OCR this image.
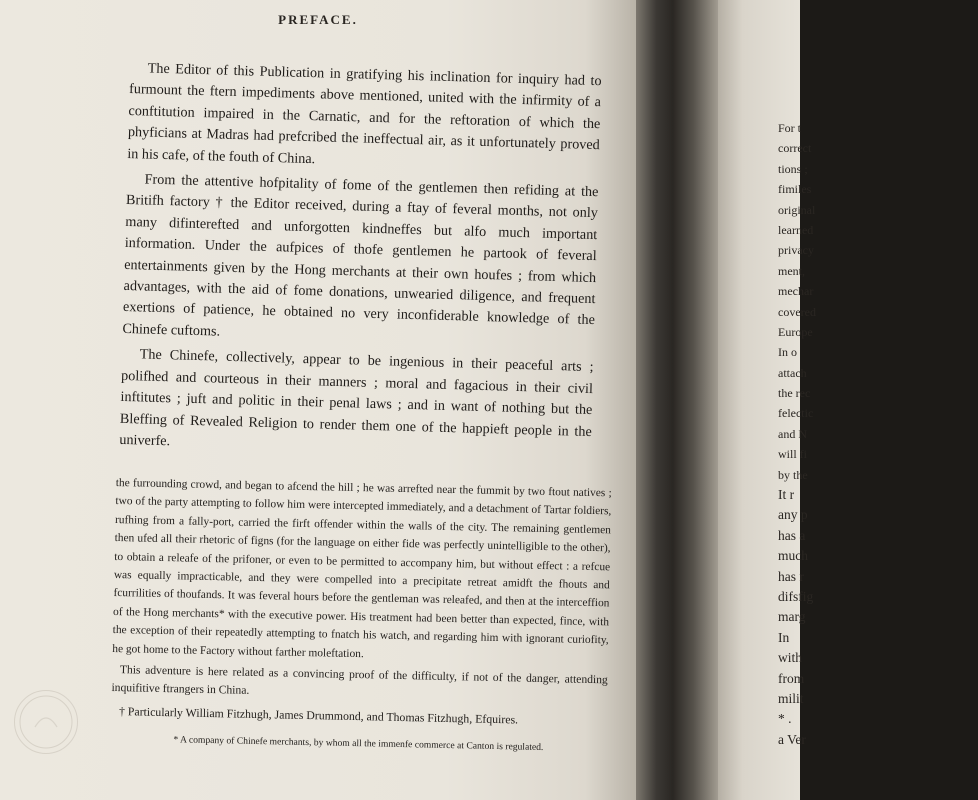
PREFACE.

The Editor of this Publication in gratifying his inclination for inquiry had to furmount the ftern impediments above mentioned, united with the infirmity of a conftitution impaired in the Carnatic, and for the reftoration of which the phyficians at Madras had prefcribed the ineffectual air, as it unfortunately proved in his cafe, of the fouth of China.

From the attentive hofpitality of fome of the gentlemen then refiding at the Britifh factory † the Editor received, during a ftay of feveral months, not only many difinterefted and unforgotten kindneffes but alfo much important information. Under the aufpices of thofe gentlemen he partook of feveral entertainments given by the Hong merchants at their own houfes ; from which advantages, with the aid of fome donations, unwearied diligence, and frequent exertions of patience, he obtained no very inconfiderable knowledge of the Chinefe cuftoms.

The Chinefe, collectively, appear to be ingenious in their peaceful arts ; polifhed and courteous in their manners ; moral and fagacious in their civil inftitutes ; juft and politic in their penal laws ; and in want of nothing but the Bleffing of Revealed Religion to render them one of the happieft people in the univerfe.

the furrounding crowd, and began to afcend the hill ; he was arrefted near the fummit by two ftout natives ; two of the party attempting to follow him were intercepted immediately, and a detachment of Tartar foldiers, rufhing from a fally-port, carried the firft offender within the walls of the city. The remaining gentlemen then ufed all their rhetoric of figns (for the language on either fide was perfectly unintelligible to the other), to obtain a releafe of the prifoner, or even to be permitted to accompany him, but without effect : a refcue was equally impracticable, and they were compelled into a precipitate retreat amidft the fhouts and fcurrilities of thoufands. It was feveral hours before the gentleman was releafed, and then at the interceffion of the Hong merchants* with the executive power. His treatment had been better than expected, fince, with the exception of their repeatedly attempting to fnatch his watch, and regarding him with ignorant curiofity, he got home to the Factory without farther moleftation.

This adventure is here related as a convincing proof of the difficulty, if not of the danger, attending inquifitive ftrangers in China.

† Particularly William Fitzhugh, James Drummond, and Thomas Fitzhugh, Efquires.

* A company of Chinefe merchants, by whom all the immenfe commerce at Canton is regulated.

For t
correct
tions ;
fimiles
original
learned
privacy
ment,
mechar
covered
Europe
In o
attach
the rec
felectic
and N
will fi
by the
It r
any p
has a
much
has r
difsfig
marg
In
with
from
milit
* .
a Ver
